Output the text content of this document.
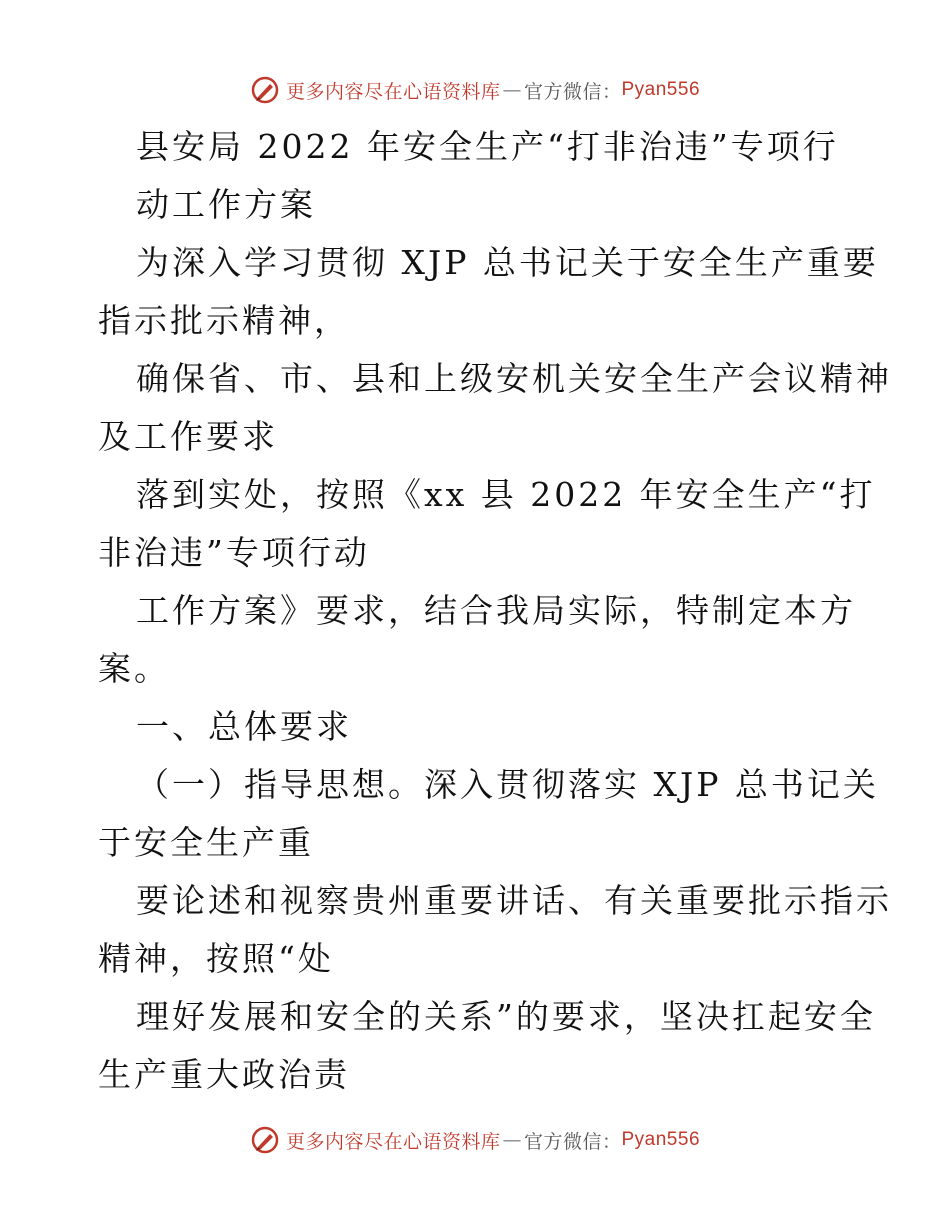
更多内容尽在心语资料库 — 官方微信： Pyan556
县安局 2022 年安全生产“打非治违”专项行
动工作方案
为深入学习贯彻 XJP 总书记关于安全生产重要
指示批示精神，
确保省、市、县和上级安机关安全生产会议精神
及工作要求
落到实处，按照《xx 县 2022 年安全生产“打
非治违”专项行动
工作方案》要求，结合我局实际，特制定本方
案。
一、总体要求
（一）指导思想。深入贯彻落实 XJP 总书记关
于安全生产重
要论述和视察贵州重要讲话、有关重要批示指示
精神，按照“处
理好发展和安全的关系”的要求，坚决扛起安全
生产重大政治责
更多内容尽在心语资料库 — 官方微信： Pyan556
